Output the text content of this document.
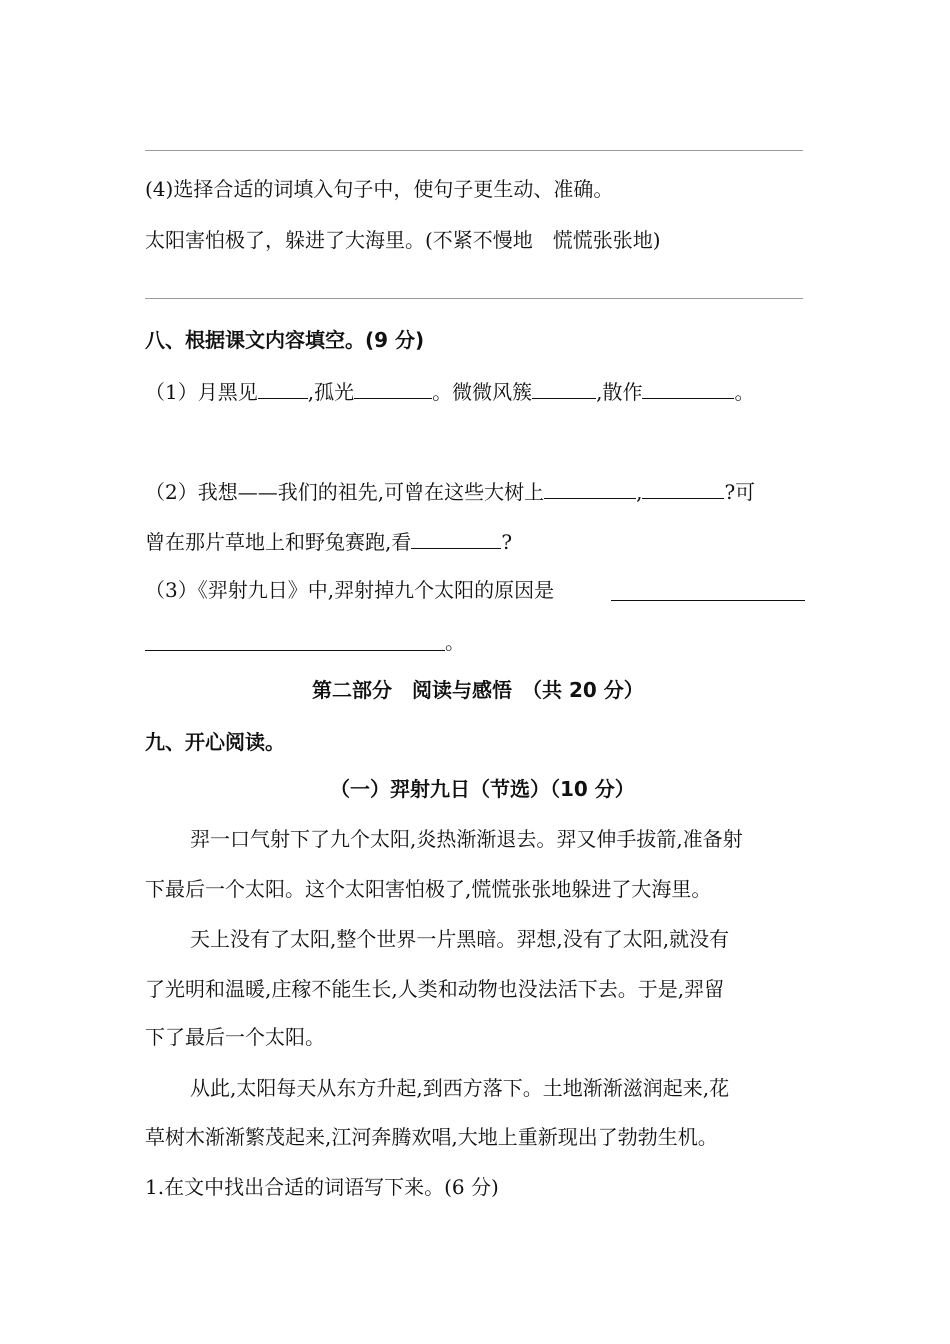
(4)选择合适的词填入句子中，使句子更生动、准确。
太阳害怕极了，躲进了大海里。(不紧不慢地　慌慌张张地)
八、根据课文内容填空。(9 分)
（1）月黑见	,孤光	。微微风簇	,散作	。
（2）我想——我们的祖先,可曾在这些大树上	,	?可
曾在那片草地上和野兔赛跑,看	?
（3）《羿射九日》中,羿射掉九个太阳的原因是
。
第二部分　阅读与感悟　（共 20 分）
九、开心阅读。
（一）羿射九日（节选）（10 分）
羿一口气射下了九个太阳,炎热渐渐退去。羿又伸手拔箭,准备射
下最后一个太阳。这个太阳害怕极了,慌慌张张地躲进了大海里。
天上没有了太阳,整个世界一片黑暗。羿想,没有了太阳,就没有
了光明和温暖,庄稼不能生长,人类和动物也没法活下去。于是,羿留
下了最后一个太阳。
从此,太阳每天从东方升起,到西方落下。土地渐渐滋润起来,花
草树木渐渐繁茂起来,江河奔腾欢唱,大地上重新现出了勃勃生机。
1.在文中找出合适的词语写下来。(6 分)
